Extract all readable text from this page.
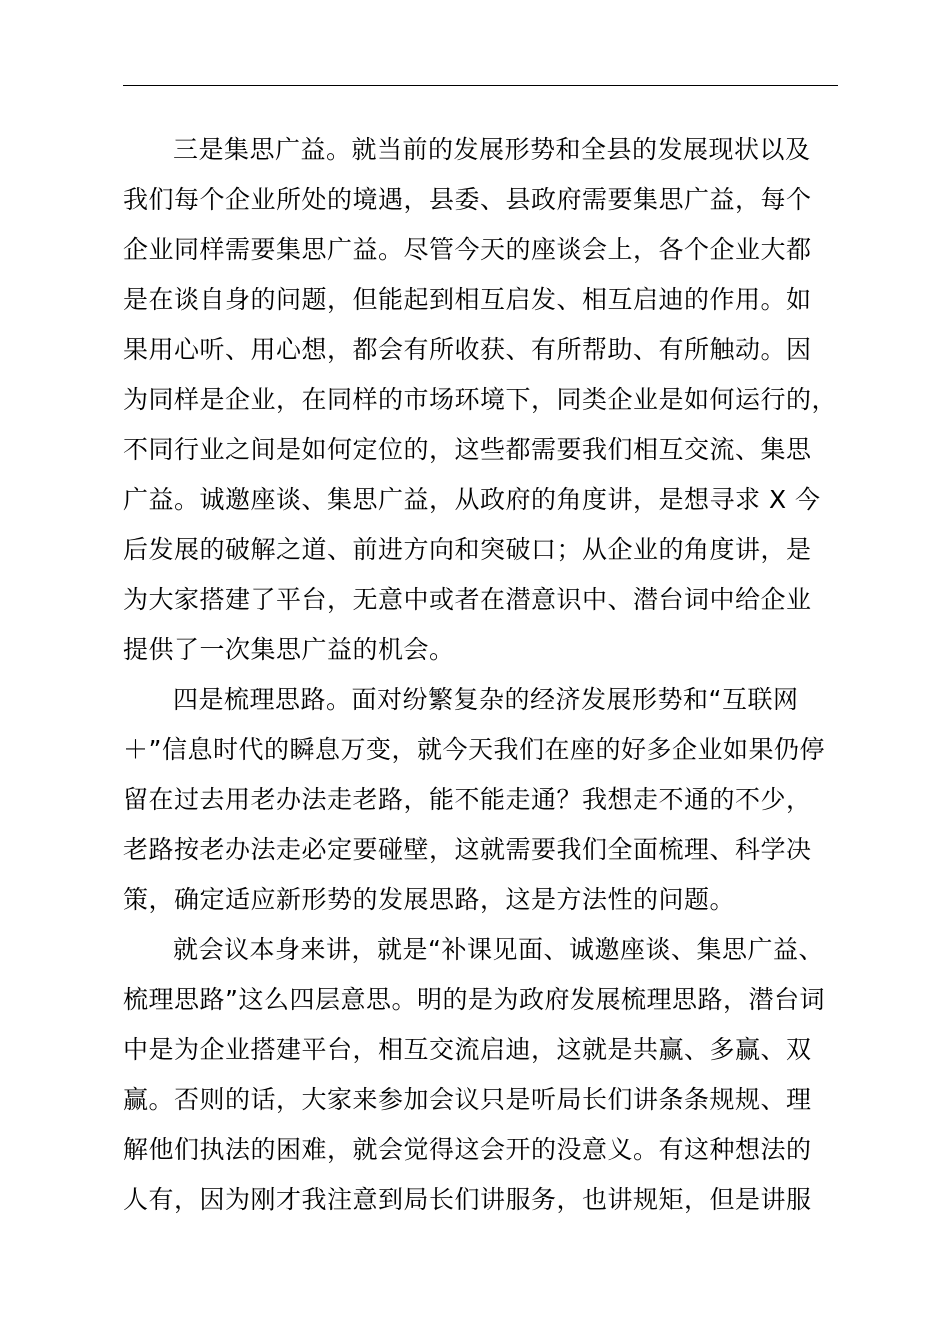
三是集思广益。就当前的发展形势和全县的发展现状以及
我们每个企业所处的境遇，县委、县政府需要集思广益，每个
企业同样需要集思广益。尽管今天的座谈会上，各个企业大都
是在谈自身的问题，但能起到相互启发、相互启迪的作用。如
果用心听、用心想，都会有所收获、有所帮助、有所触动。因
为同样是企业，在同样的市场环境下，同类企业是如何运行的，
不同行业之间是如何定位的，这些都需要我们相互交流、集思
广益。诚邀座谈、集思广益，从政府的角度讲，是想寻求 X 今
后发展的破解之道、前进方向和突破口；从企业的角度讲，是
为大家搭建了平台，无意中或者在潜意识中、潜台词中给企业
提供了一次集思广益的机会。
四是梳理思路。面对纷繁复杂的经济发展形势和“互联网
＋”信息时代的瞬息万变，就今天我们在座的好多企业如果仍停
留在过去用老办法走老路，能不能走通？我想走不通的不少，
老路按老办法走必定要碰壁，这就需要我们全面梳理、科学决
策，确定适应新形势的发展思路，这是方法性的问题。
就会议本身来讲，就是“补课见面、诚邀座谈、集思广益、
梳理思路”这么四层意思。明的是为政府发展梳理思路，潜台词
中是为企业搭建平台，相互交流启迪，这就是共赢、多赢、双
赢。否则的话，大家来参加会议只是听局长们讲条条规规、理
解他们执法的困难，就会觉得这会开的没意义。有这种想法的
人有，因为刚才我注意到局长们讲服务，也讲规矩，但是讲服
